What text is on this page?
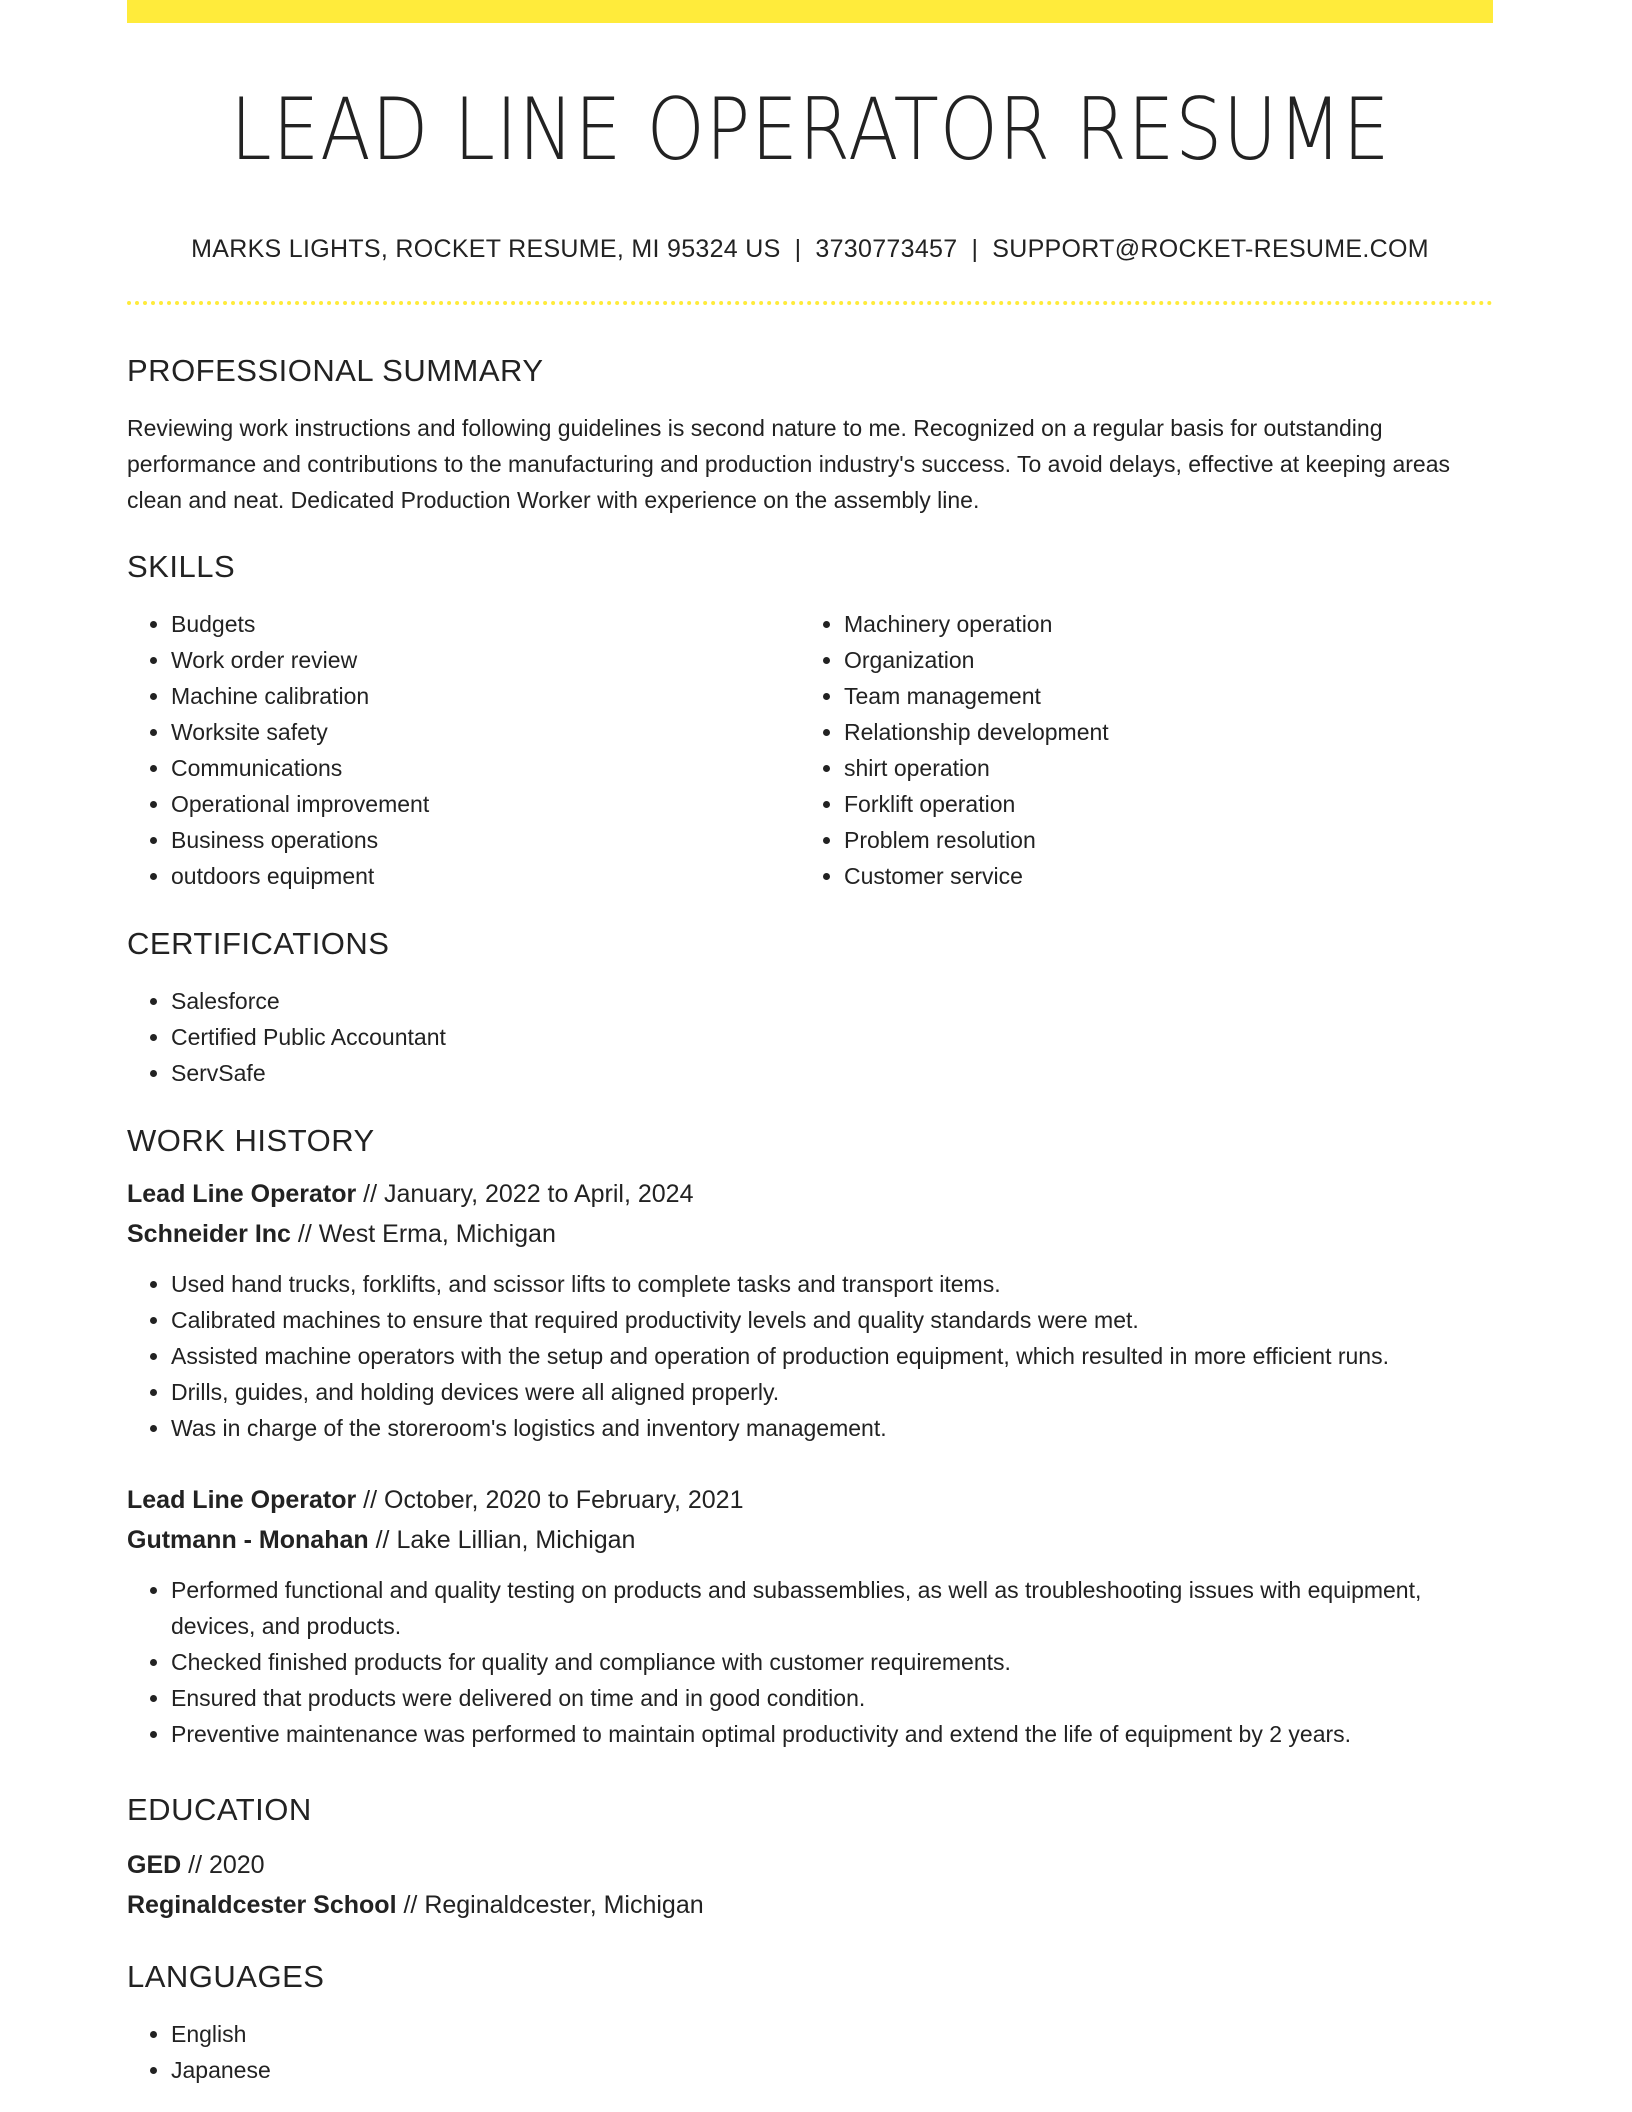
LEAD LINE OPERATOR RESUME
MARKS LIGHTS, ROCKET RESUME, MI 95324 US | 3730773457 | SUPPORT@ROCKET-RESUME.COM
PROFESSIONAL SUMMARY

Reviewing work instructions and following guidelines is second nature to me. Recognized on a regular basis for outstanding performance and contributions to the manufacturing and production industry's success. To avoid delays, effective at keeping areas clean and neat. Dedicated Production Worker with experience on the assembly line.

SKILLS
• Budgets
• Work order review
• Machine calibration
• Worksite safety
• Communications
• Operational improvement
• Business operations
• outdoors equipment
• Machinery operation
• Organization
• Team management
• Relationship development
• shirt operation
• Forklift operation
• Problem resolution
• Customer service
CERTIFICATIONS
• Salesforce
• Certified Public Accountant
• ServSafe
WORK HISTORY
Lead Line Operator // January, 2022 to April, 2024
Schneider Inc // West Erma, Michigan
• Used hand trucks, forklifts, and scissor lifts to complete tasks and transport items.
• Calibrated machines to ensure that required productivity levels and quality standards were met.
• Assisted machine operators with the setup and operation of production equipment, which resulted in more efficient runs.
• Drills, guides, and holding devices were all aligned properly.
• Was in charge of the storeroom's logistics and inventory management.
Lead Line Operator // October, 2020 to February, 2021
Gutmann - Monahan // Lake Lillian, Michigan
• Performed functional and quality testing on products and subassemblies, as well as troubleshooting issues with equipment, devices, and products.
• Checked finished products for quality and compliance with customer requirements.
• Ensured that products were delivered on time and in good condition.
• Preventive maintenance was performed to maintain optimal productivity and extend the life of equipment by 2 years.
EDUCATION
GED // 2020
Reginaldcester School // Reginaldcester, Michigan
LANGUAGES
• English
• Japanese
